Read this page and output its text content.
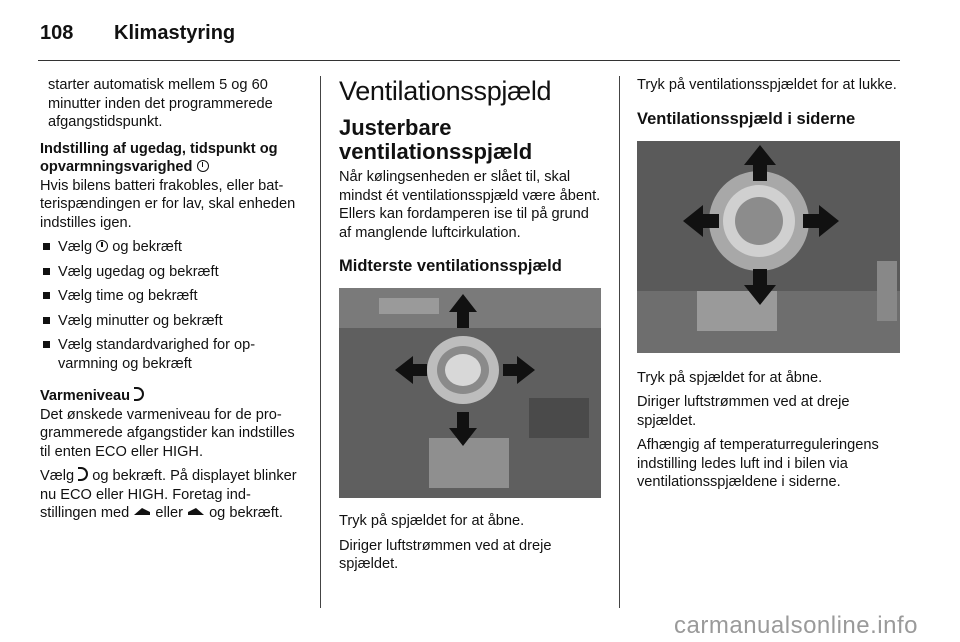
108 Klimastyring

starter automatisk mellem 5 og 60 minutter inden det programmerede afgangstidspunkt.

Indstilling af ugedag, tidspunkt og opvarmningsvarighed

Hvis bilens batteri frakobles, eller batterispændingen er for lav, skal enheden indstilles igen.

Vælg og bekræft
Vælg ugedag og bekræft
Vælg time og bekræft
Vælg minutter og bekræft
Vælg standardvarighed for opvarmning og bekræft

Varmeniveau

Det ønskede varmeniveau for de programmerede afgangstider kan indstilles til enten ECO eller HIGH.

Vælg og bekræft. På displayet blinker nu ECO eller HIGH. Foretag indstillingen med eller og bekræft.

Ventilationsspjæld
Justerbare ventilationsspjæld

Når kølingsenheden er slået til, skal mindst ét ventilationsspjæld være åbent. Ellers kan fordamperen ise til på grund af manglende luftcirkulation.

Midterste ventilationsspjæld

Tryk på spjældet for at åbne.

Diriger luftstrømmen ved at dreje spjældet.

Tryk på ventilationsspjældet for at lukke.

Ventilationsspjæld i siderne

Tryk på spjældet for at åbne.

Diriger luftstrømmen ved at dreje spjældet.

Afhængig af temperaturreguleringens indstilling ledes luft ind i bilen via ventilationsspjældene i siderne.

carmanualsonline.info
